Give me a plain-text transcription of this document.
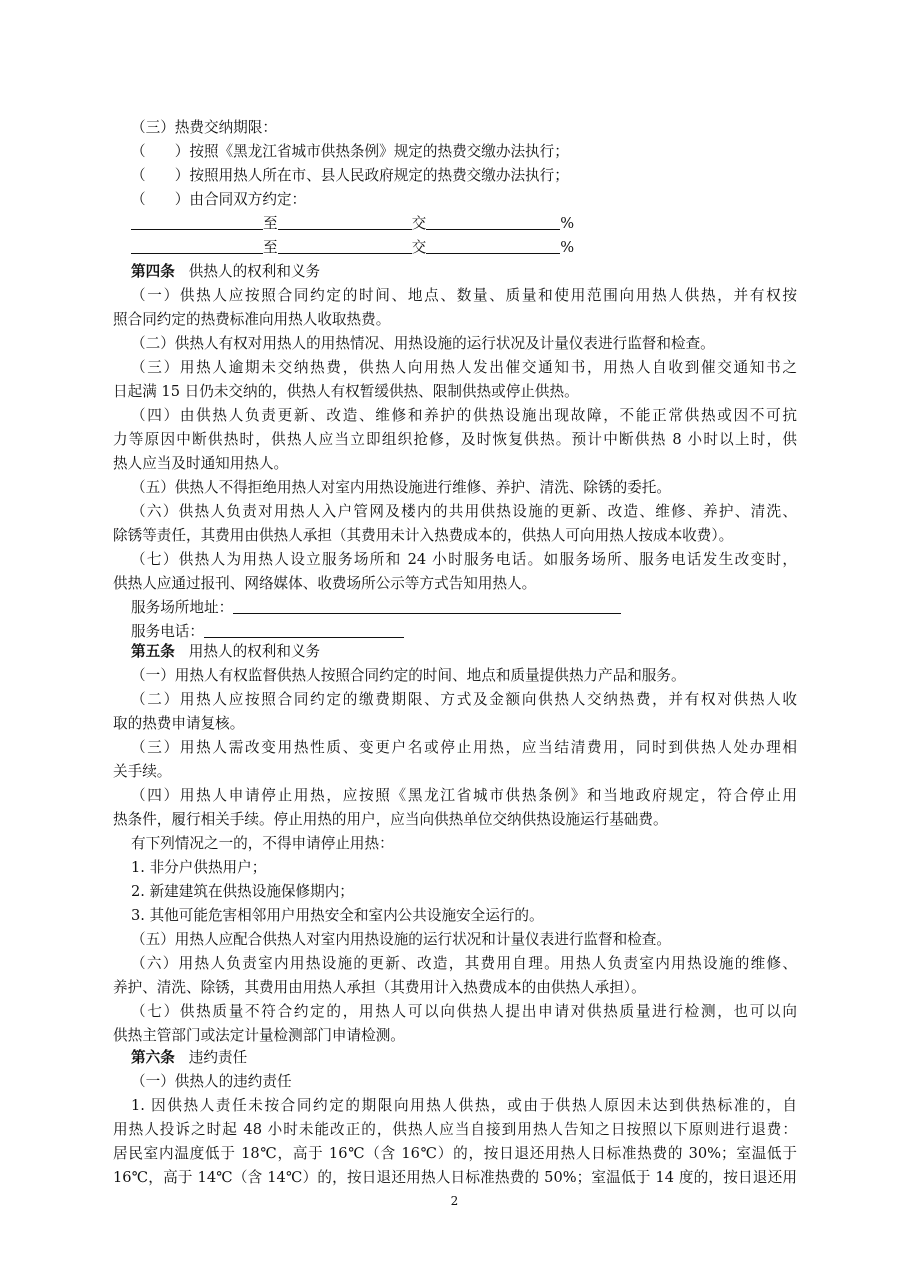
（三）热费交纳期限：
（　　）按照《黑龙江省城市供热条例》规定的热费交缴办法执行；
（　　）按照用热人所在市、县人民政府规定的热费交缴办法执行；
（　　）由合同双方约定：
至	交	%
至	交	%
第四条 供热人的权利和义务
（一）供热人应按照合同约定的时间、地点、数量、质量和使用范围向用热人供热，并有权按
照合同约定的热费标准向用热人收取热费。
（二）供热人有权对用热人的用热情况、用热设施的运行状况及计量仪表进行监督和检查。
（三）用热人逾期未交纳热费，供热人向用热人发出催交通知书，用热人自收到催交通知书之
日起满 15 日仍未交纳的，供热人有权暂缓供热、限制供热或停止供热。
（四）由供热人负责更新、改造、维修和养护的供热设施出现故障，不能正常供热或因不可抗
力等原因中断供热时，供热人应当立即组织抢修，及时恢复供热。预计中断供热 8 小时以上时，供
热人应当及时通知用热人。
（五）供热人不得拒绝用热人对室内用热设施进行维修、养护、清洗、除锈的委托。
（六）供热人负责对用热人入户管网及楼内的共用供热设施的更新、改造、维修、养护、清洗、
除锈等责任，其费用由供热人承担（其费用未计入热费成本的，供热人可向用热人按成本收费）。
（七）供热人为用热人设立服务场所和 24 小时服务电话。如服务场所、服务电话发生改变时，
供热人应通过报刊、网络媒体、收费场所公示等方式告知用热人。
服务场所地址：
服务电话：
第五条 用热人的权利和义务
（一）用热人有权监督供热人按照合同约定的时间、地点和质量提供热力产品和服务。
（二）用热人应按照合同约定的缴费期限、方式及金额向供热人交纳热费，并有权对供热人收
取的热费申请复核。
（三）用热人需改变用热性质、变更户名或停止用热，应当结清费用，同时到供热人处办理相
关手续。
（四）用热人申请停止用热，应按照《黑龙江省城市供热条例》和当地政府规定，符合停止用
热条件，履行相关手续。停止用热的用户，应当向供热单位交纳供热设施运行基础费。
有下列情况之一的，不得申请停止用热：
1. 非分户供热用户；
2. 新建建筑在供热设施保修期内；
3. 其他可能危害相邻用户用热安全和室内公共设施安全运行的。
（五）用热人应配合供热人对室内用热设施的运行状况和计量仪表进行监督和检查。
（六）用热人负责室内用热设施的更新、改造，其费用自理。用热人负责室内用热设施的维修、
养护、清洗、除锈，其费用由用热人承担（其费用计入热费成本的由供热人承担）。
（七）供热质量不符合约定的，用热人可以向供热人提出申请对供热质量进行检测，也可以向
供热主管部门或法定计量检测部门申请检测。
第六条 违约责任
（一）供热人的违约责任
1. 因供热人责任未按合同约定的期限向用热人供热，或由于供热人原因未达到供热标准的，自
用热人投诉之时起 48 小时未能改正的，供热人应当自接到用热人告知之日按照以下原则进行退费：
居民室内温度低于 18℃，高于 16℃（含 16℃）的，按日退还用热人日标准热费的 30%；室温低于
16℃，高于 14℃（含 14℃）的，按日退还用热人日标准热费的 50%；室温低于 14 度的，按日退还用
2
